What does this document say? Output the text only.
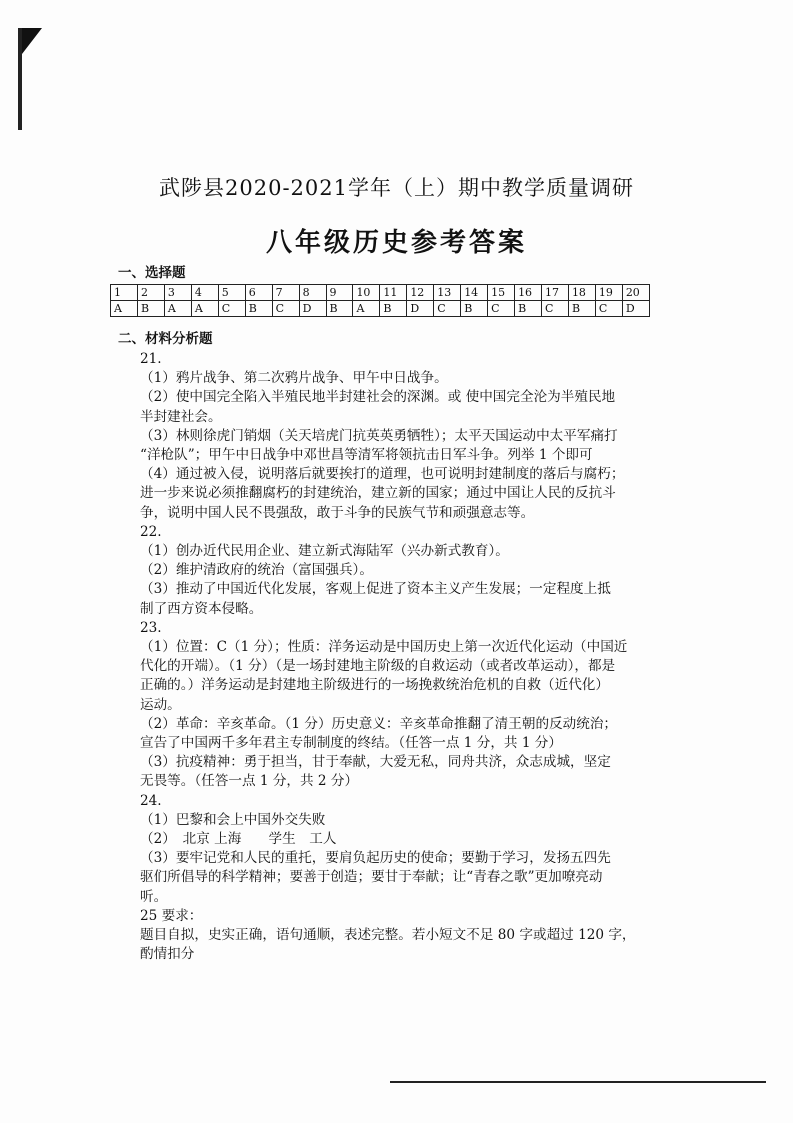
武陟县2020-2021学年（上）期中教学质量调研
八年级历史参考答案
一、选择题
1	2	3	4	5	6	7	8	9	10	11	12	13	14	15	16	17	18	19	20
A	B	A	A	C	B	C	D	B	A	B	D	C	B	C	B	C	B	C	D
二、材料分析题

21.

（1）鸦片战争、第二次鸦片战争、甲午中日战争。

（2）使中国完全陷入半殖民地半封建社会的深渊。或 使中国完全沦为半殖民地

半封建社会。

（3）林则徐虎门销烟（关天培虎门抗英英勇牺牲）；太平天国运动中太平军痛打

“洋枪队”；甲午中日战争中邓世昌等清军将领抗击日军斗争。列举 1 个即可

（4）通过被入侵，说明落后就要挨打的道理，也可说明封建制度的落后与腐朽；

进一步来说必须推翻腐朽的封建统治，建立新的国家；通过中国让人民的反抗斗

争，说明中国人民不畏强敌，敢于斗争的民族气节和顽强意志等。

22.

（1）创办近代民用企业、建立新式海陆军（兴办新式教育）。

（2）维护清政府的统治（富国强兵）。

（3）推动了中国近代化发展，客观上促进了资本主义产生发展；一定程度上抵

制了西方资本侵略。

23.

（1）位置：C（1 分）；性质：洋务运动是中国历史上第一次近代化运动（中国近

代化的开端）。（1 分）（是一场封建地主阶级的自救运动（或者改革运动），都是

正确的。）洋务运动是封建地主阶级进行的一场挽救统治危机的自救（近代化）

运动。

（2）革命：辛亥革命。（1 分）历史意义：辛亥革命推翻了清王朝的反动统治；

宣告了中国两千多年君主专制制度的终结。（任答一点 1 分，共 1 分）

（3）抗疫精神：勇于担当，甘于奉献，大爱无私，同舟共济，众志成城，坚定

无畏等。（任答一点 1 分，共 2 分）

24.

（1）巴黎和会上中国外交失败

（2）　北京 上海　　学生　工人

（3）要牢记党和人民的重托，要肩负起历史的使命；要勤于学习，发扬五四先

驱们所倡导的科学精神；要善于创造；要甘于奉献；让“青春之歌”更加嘹亮动

听。

25 要求：

题目自拟，史实正确，语句通顺，表述完整。若小短文不足 80 字或超过 120 字，

酌情扣分
